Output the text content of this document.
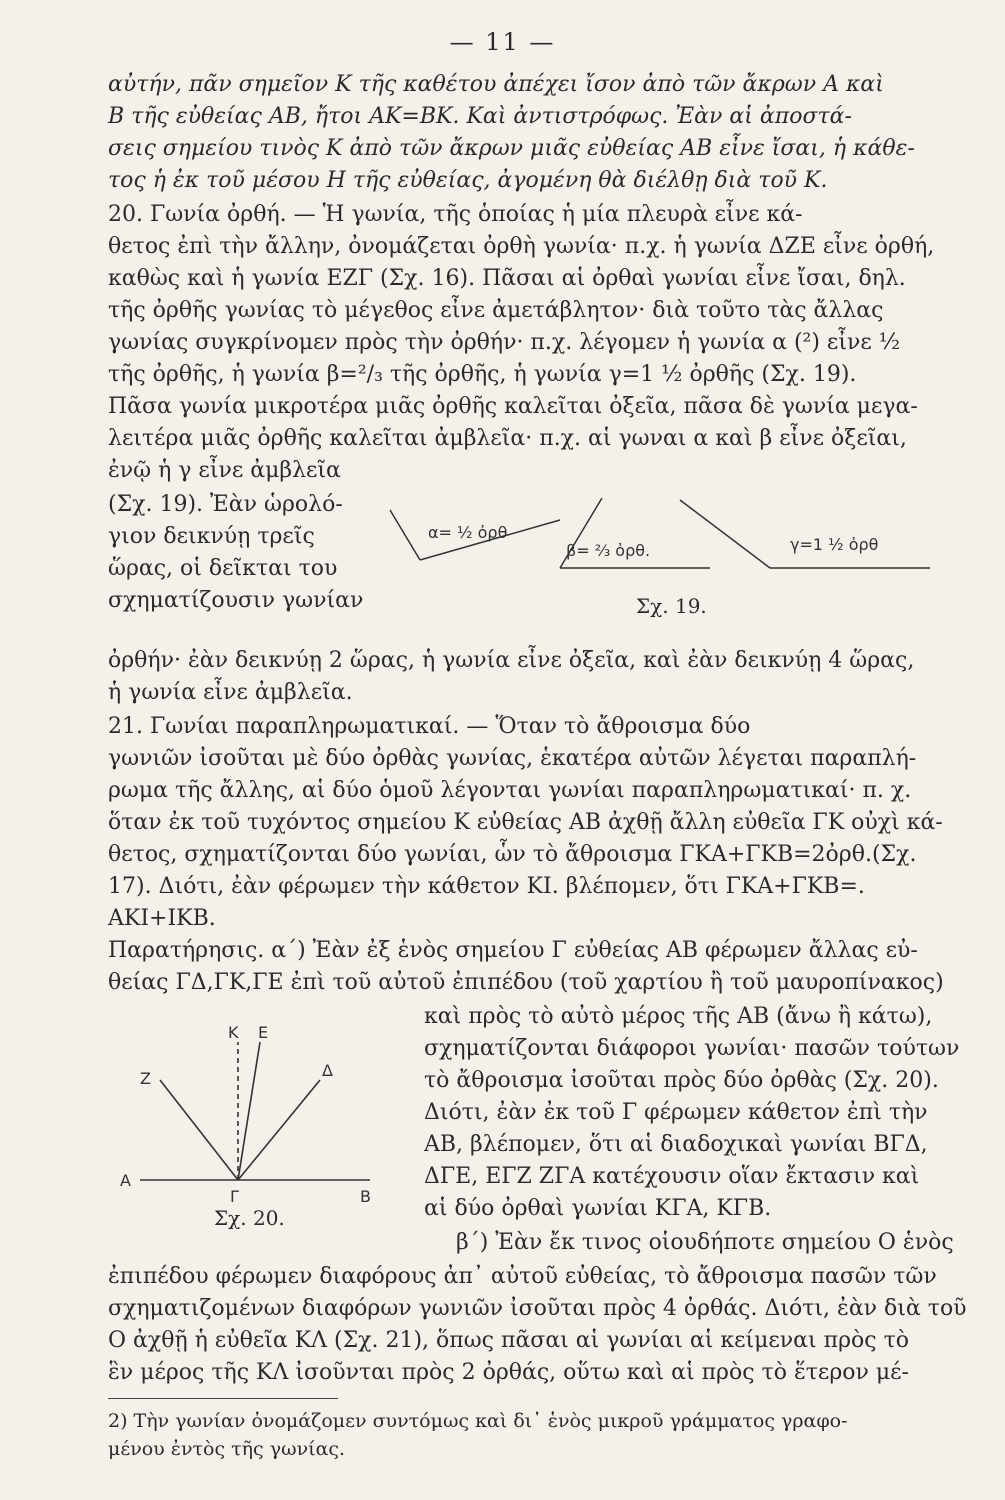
— 11 —
αὐτήν, πᾶν σημεῖον Κ τῆς καθέτου ἀπέχει ἴσον ἀπὸ τῶν ἄκρων Α καὶ
Β τῆς εὐθείας ΑΒ, ἤτοι ΑΚ=ΒΚ. Καὶ ἀντιστρόφως. Ἐὰν αἱ ἀποστά-
σεις σημείου τινὸς Κ ἀπὸ τῶν ἄκρων μιᾶς εὐθείας ΑΒ εἶνε ἴσαι, ἡ κάθε-
τος ἡ ἐκ τοῦ μέσου Η τῆς εὐθείας, ἀγομένη θὰ διέλθῃ διὰ τοῦ Κ.
20. Γωνία ὀρθή. — Ἡ γωνία, τῆς ὁποίας ἡ μία πλευρὰ εἶνε κά-
θετος ἐπὶ τὴν ἄλλην, ὀνομάζεται ὀρθὴ γωνία· π.χ. ἡ γωνία ΔΖΕ εἶνε ὀρθή,
καθὼς καὶ ἡ γωνία ΕΖΓ (Σχ. 16). Πᾶσαι αἱ ὀρθαὶ γωνίαι εἶνε ἴσαι, δηλ.
τῆς ὀρθῆς γωνίας τὸ μέγεθος εἶνε ἀμετάβλητον· διὰ τοῦτο τὰς ἄλλας
γωνίας συγκρίνομεν πρὸς τὴν ὀρθήν· π.χ. λέγομεν ἡ γωνία α (²) εἶνε ½
τῆς ὀρθῆς, ἡ γωνία β=²/₃ τῆς ὀρθῆς, ἡ γωνία γ=1 ½ ὀρθῆς (Σχ. 19).
Πᾶσα γωνία μικροτέρα μιᾶς ὀρθῆς καλεῖται ὀξεῖα, πᾶσα δὲ γωνία μεγα-
λειτέρα μιᾶς ὀρθῆς καλεῖται ἀμβλεῖα· π.χ. αἱ γωναι α καὶ β εἶνε ὀξεῖαι,
ἐνῷ ἡ γ εἶνε ἀμβλεῖα
(Σχ. 19). Ἐὰν ὡρολό-
γιον δεικνύῃ τρεῖς
ὥρας, οἱ δεῖκται του
σχηματίζουσιν γωνίαν
α= ½ ὀρθ
β= ⅔ ὀρθ.	γ=1 ½ ὀρθ
Σχ. 19.
ὀρθήν· ἐὰν δεικνύῃ 2 ὥρας, ἡ γωνία εἶνε ὀξεῖα, καὶ ἐὰν δεικνύῃ 4 ὥρας,
ἡ γωνία εἶνε ἀμβλεῖα.
21. Γωνίαι παραπληρωματικαί. — Ὅταν τὸ ἄθροισμα δύο
γωνιῶν ἰσοῦται μὲ δύο ὀρθὰς γωνίας, ἑκατέρα αὐτῶν λέγεται παραπλή-
ρωμα τῆς ἄλλης, αἱ δύο ὁμοῦ λέγονται γωνίαι παραπληρωματικαί· π. χ.
ὅταν ἐκ τοῦ τυχόντος σημείου Κ εὐθείας ΑΒ ἀχθῇ ἄλλη εὐθεῖα ΓΚ οὐχὶ κά-
θετος, σχηματίζονται δύο γωνίαι, ὧν τὸ ἄθροισμα ΓΚΑ+ΓΚΒ=2ὀρθ.(Σχ.
17). Διότι, ἐὰν φέρωμεν τὴν κάθετον ΚΙ. βλέπομεν, ὅτι ΓΚΑ+ΓΚΒ=.
ΑΚΙ+ΙΚΒ.
Παρατήρησις. α΄) Ἐὰν ἐξ ἑνὸς σημείου Γ εὐθείας ΑΒ φέρωμεν ἄλλας εὐ-
θείας ΓΔ,ΓΚ,ΓΕ ἐπὶ τοῦ αὐτοῦ ἐπιπέδου (τοῦ χαρτίου ἢ τοῦ μαυροπίνακος)
καὶ πρὸς τὸ αὐτὸ μέρος τῆς ΑΒ (ἄνω ἢ κάτω),
σχηματίζονται διάφοροι γωνίαι· πασῶν τούτων
τὸ ἄθροισμα ἰσοῦται πρὸς δύο ὀρθὰς (Σχ. 20).
Διότι, ἐὰν ἐκ τοῦ Γ φέρωμεν κάθετον ἐπὶ τὴν
ΑΒ, βλέπομεν, ὅτι αἱ διαδοχικαὶ γωνίαι ΒΓΔ,
ΔΓΕ, ΕΓΖ ΖΓΑ κατέχουσιν οἵαν ἔκτασιν καὶ
αἱ δύο ὀρθαὶ γωνίαι ΚΓΑ, ΚΓΒ.
Κ Ε
Ζ	Δ
Α
Γ	Β
Σχ. 20.
β΄) Ἐὰν ἔκ τινος οἱουδήποτε σημείου Ο ἑνὸς
ἐπιπέδου φέρωμεν διαφόρους ἀπ᾽ αὐτοῦ εὐθείας, τὸ ἄθροισμα πασῶν τῶν
σχηματιζομένων διαφόρων γωνιῶν ἰσοῦται πρὸς 4 ὀρθάς. Διότι, ἐὰν διὰ τοῦ
Ο ἀχθῇ ἡ εὐθεῖα ΚΛ (Σχ. 21), ὅπως πᾶσαι αἱ γωνίαι αἱ κείμεναι πρὸς τὸ
ἓν μέρος τῆς ΚΛ ἰσοῦνται πρὸς 2 ὀρθάς, οὕτω καὶ αἱ πρὸς τὸ ἕτερον μέ-
2) Τὴν γωνίαν ὀνομάζομεν συντόμως καὶ δι᾽ ἑνὸς μικροῦ γράμματος γραφο-
μένου ἐντὸς τῆς γωνίας.
